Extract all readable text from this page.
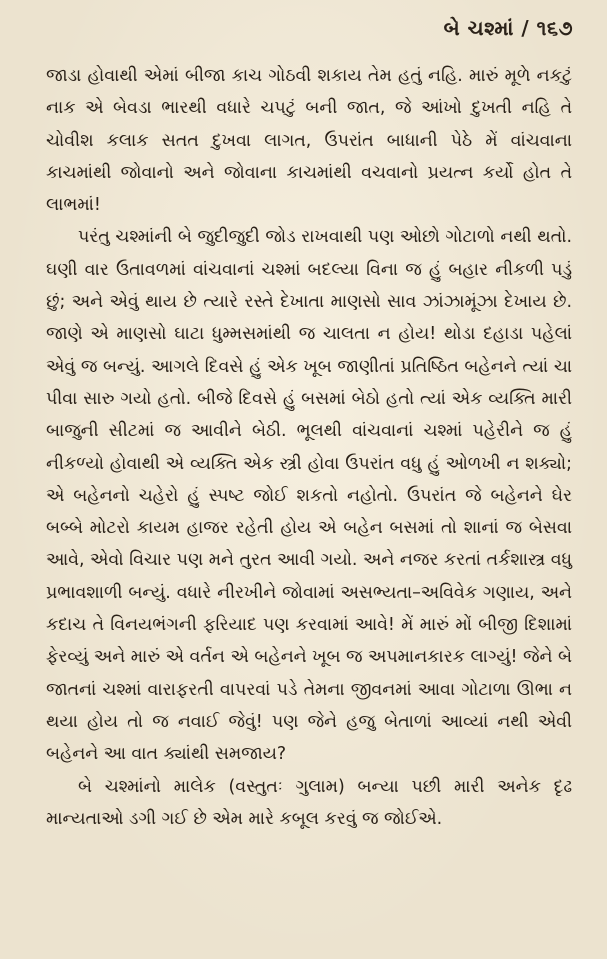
બે ચશ્માં / ૧૬૭

જાડા હોવાથી એમાં બીજા કાચ ગોઠવી શકાય તેમ હતું નહિ. મારું મૂળે નકટું નાક એ બેવડા ભારથી વધારે ચપટું બની જાત, જે આંખો દુખતી નહિ તે ચોવીશ કલાક સતત દુખવા લાગત, ઉપરાંત બાધાની પેઠે મેં વાંચવાના કાચમાંથી જોવાનો અને જોવાના કાચમાંથી વચવાનો પ્રયત્ન કર્યો હોત તે લાભમાં!

પરંતુ ચશ્માંની બે જુદીજુદી જોડ રાખવાથી પણ ઓછો ગોટાળો નથી થતો. ઘણી વાર ઉતાવળમાં વાંચવાનાં ચશ્માં બદલ્યા વિના જ હું બહાર નીકળી પડું છું; અને એવું થાય છે ત્યારે રસ્તે દેખાતા માણસો સાવ ઝાંઝામૂંઝા દેખાય છે. જાણે એ માણસો ઘાટા ધુમ્મસમાંથી જ ચાલતા ન હોય! થોડા દહાડા પહેલાં એવું જ બન્યું. આગલે દિવસે હું એક ખૂબ જાણીતાં પ્રતિષ્ઠિત બહેનને ત્યાં ચા પીવા સારુ ગયો હતો. બીજે દિવસે હું બસમાં બેઠો હતો ત્યાં એક વ્યક્તિ મારી બાજુની સીટમાં જ આવીને બેઠી. ભૂલથી વાંચવાનાં ચશ્માં પહેરીને જ હું નીકળ્યો હોવાથી એ વ્યક્તિ એક સ્ત્રી હોવા ઉપરાંત વધુ હું ઓળખી ન શક્યો; એ બહેનનો ચહેરો હું સ્પષ્ટ જોઈ શકતો નહોતો. ઉપરાંત જે બહેનને ઘેર બબ્બે મોટરો કાયમ હાજર રહેતી હોય એ બહેન બસમાં તો શાનાં જ બેસવા આવે, એવો વિચાર પણ મને તુરત આવી ગયો. અને નજર કરતાં તર્કશાસ્ત્ર વધુ પ્રભાવશાળી બન્યું. વધારે નીરખીને જોવામાં અસભ્યતા–અવિવેક ગણાય, અને કદાચ તે વિનયભંગની ફરિયાદ પણ કરવામાં આવે! મેં મારું મોં બીજી દિશામાં ફેરવ્યું અને મારું એ વર્તન એ બહેનને ખૂબ જ અપમાનકારક લાગ્યું! જેને બે જાતનાં ચશ્માં વારાફરતી વાપરવાં પડે તેમના જીવનમાં આવા ગોટાળા ઊભા ન થયા હોય તો જ નવાઈ જેવું! પણ જેને હજુ બેતાળાં આવ્યાં નથી એવી બહેનને આ વાત ક્યાંથી સમજાય?

બે ચશ્માંનો માલેક (વસ્તુતઃ ગુલામ) બન્યા પછી મારી અનેક દૃઢ માન્યતાઓ ડગી ગઈ છે એમ મારે કબૂલ કરવું જ જોઈએ.
